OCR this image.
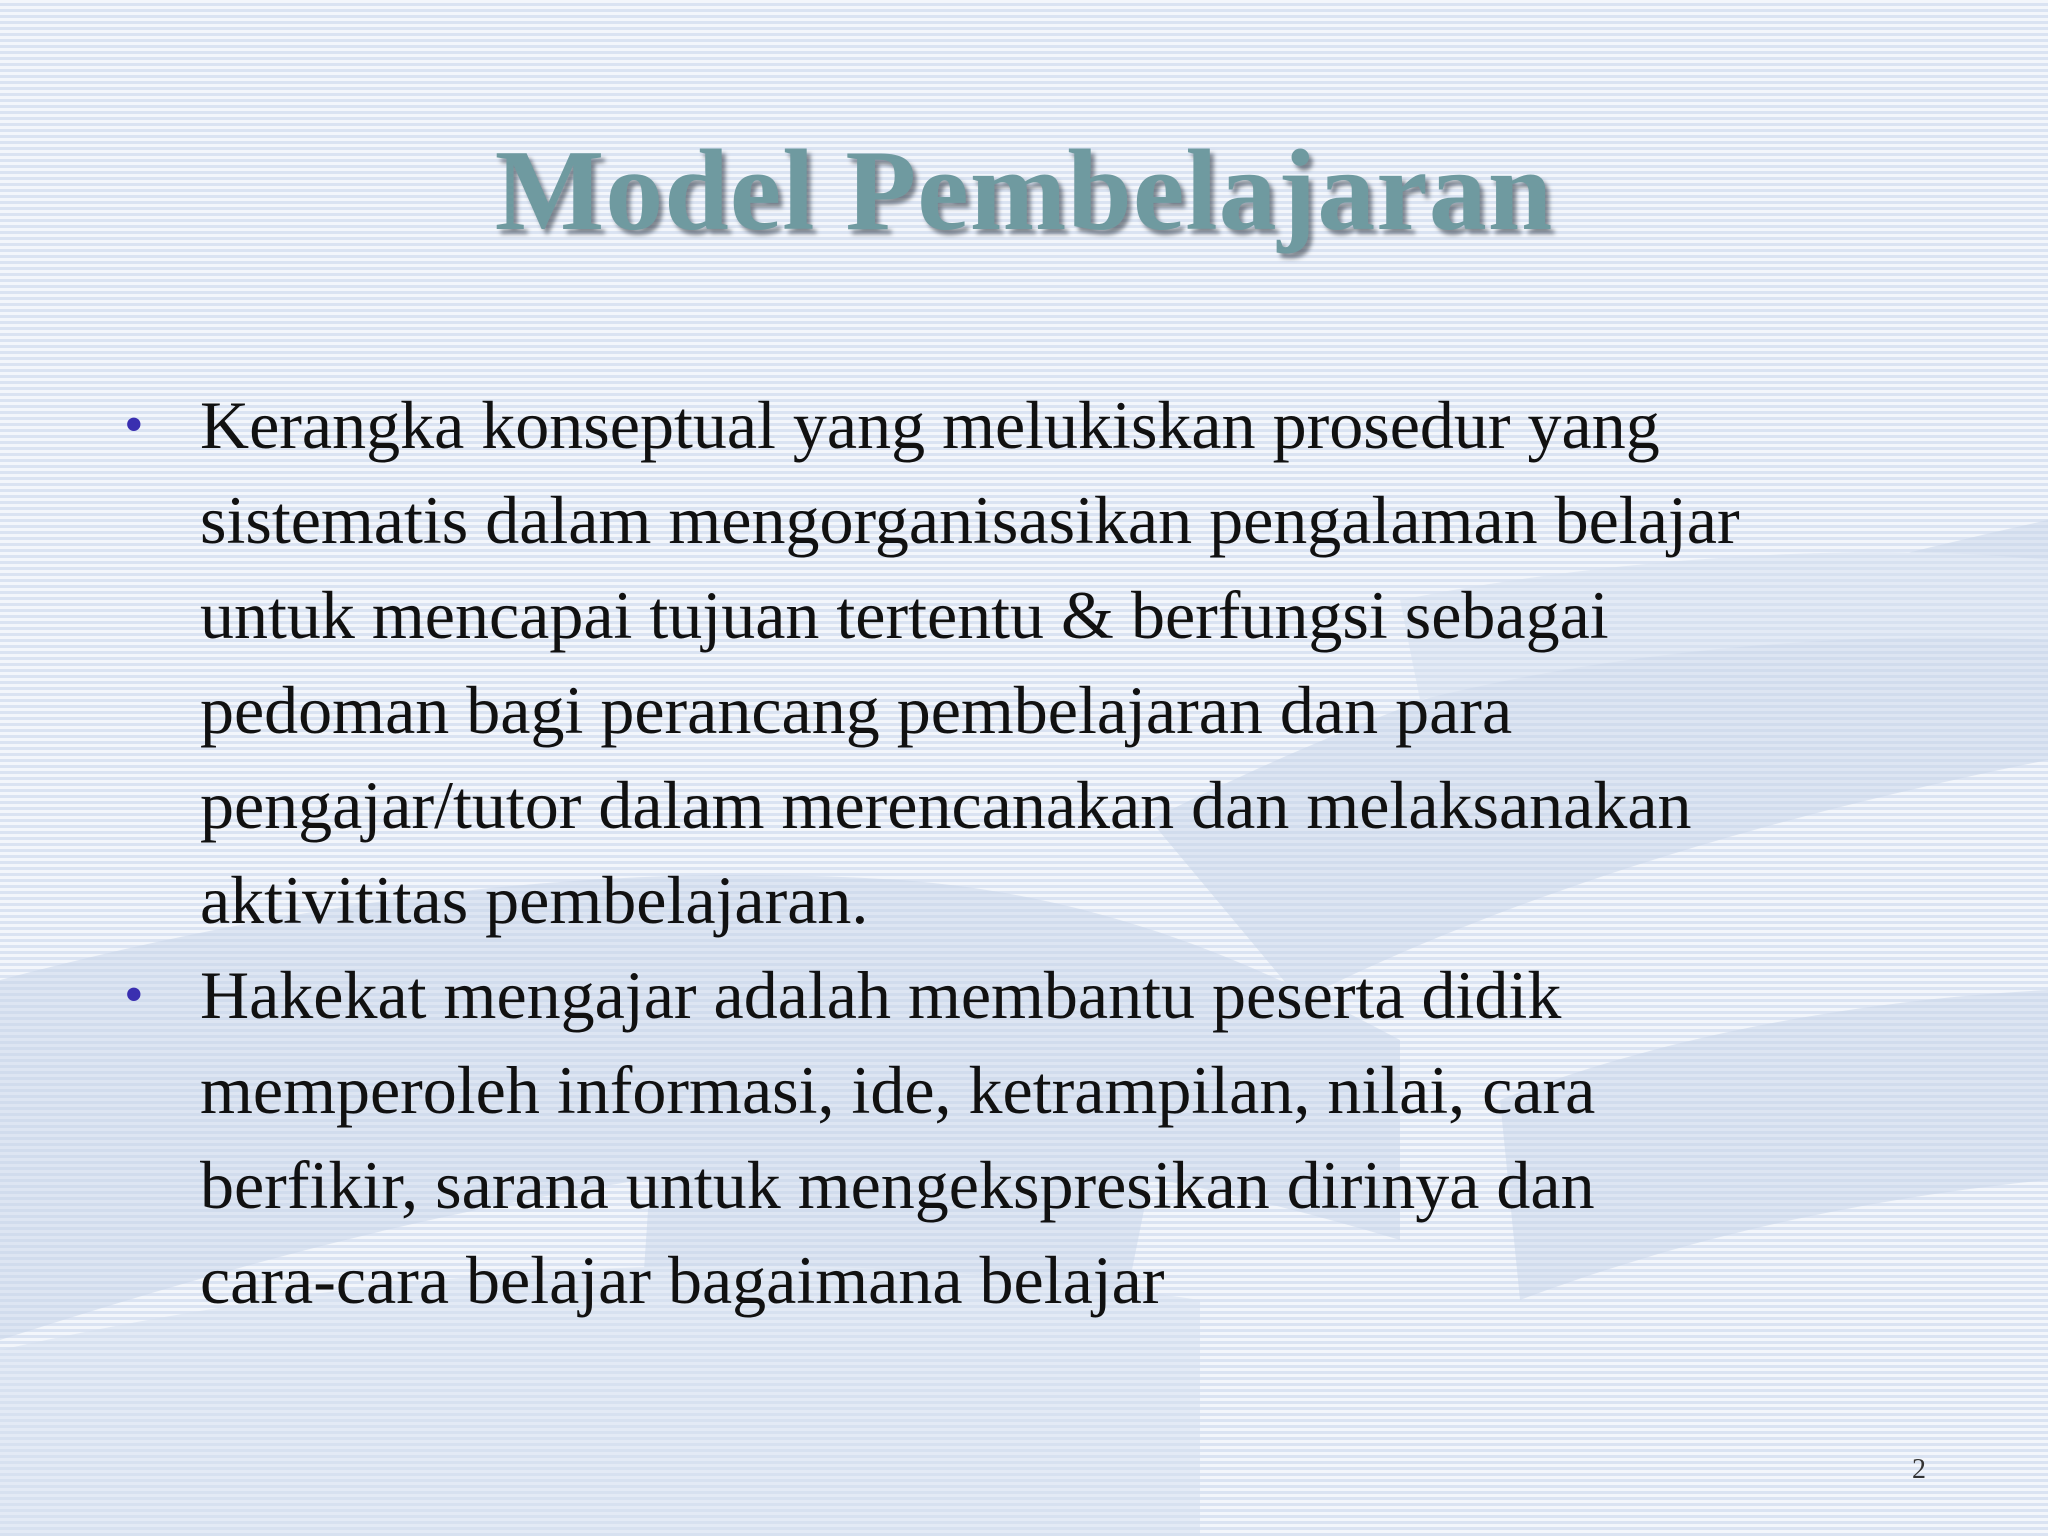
Model Pembelajaran
• Kerangka konseptual yang melukiskan prosedur yang
sistematis dalam mengorganisasikan pengalaman belajar
untuk mencapai tujuan tertentu & berfungsi sebagai
pedoman bagi perancang pembelajaran dan para
pengajar/tutor dalam merencanakan dan melaksanakan
aktivititas pembelajaran.
• Hakekat mengajar adalah membantu peserta didik
memperoleh informasi, ide, ketrampilan, nilai, cara
berfikir, sarana untuk mengekspresikan dirinya dan
cara-cara belajar bagaimana belajar
2
